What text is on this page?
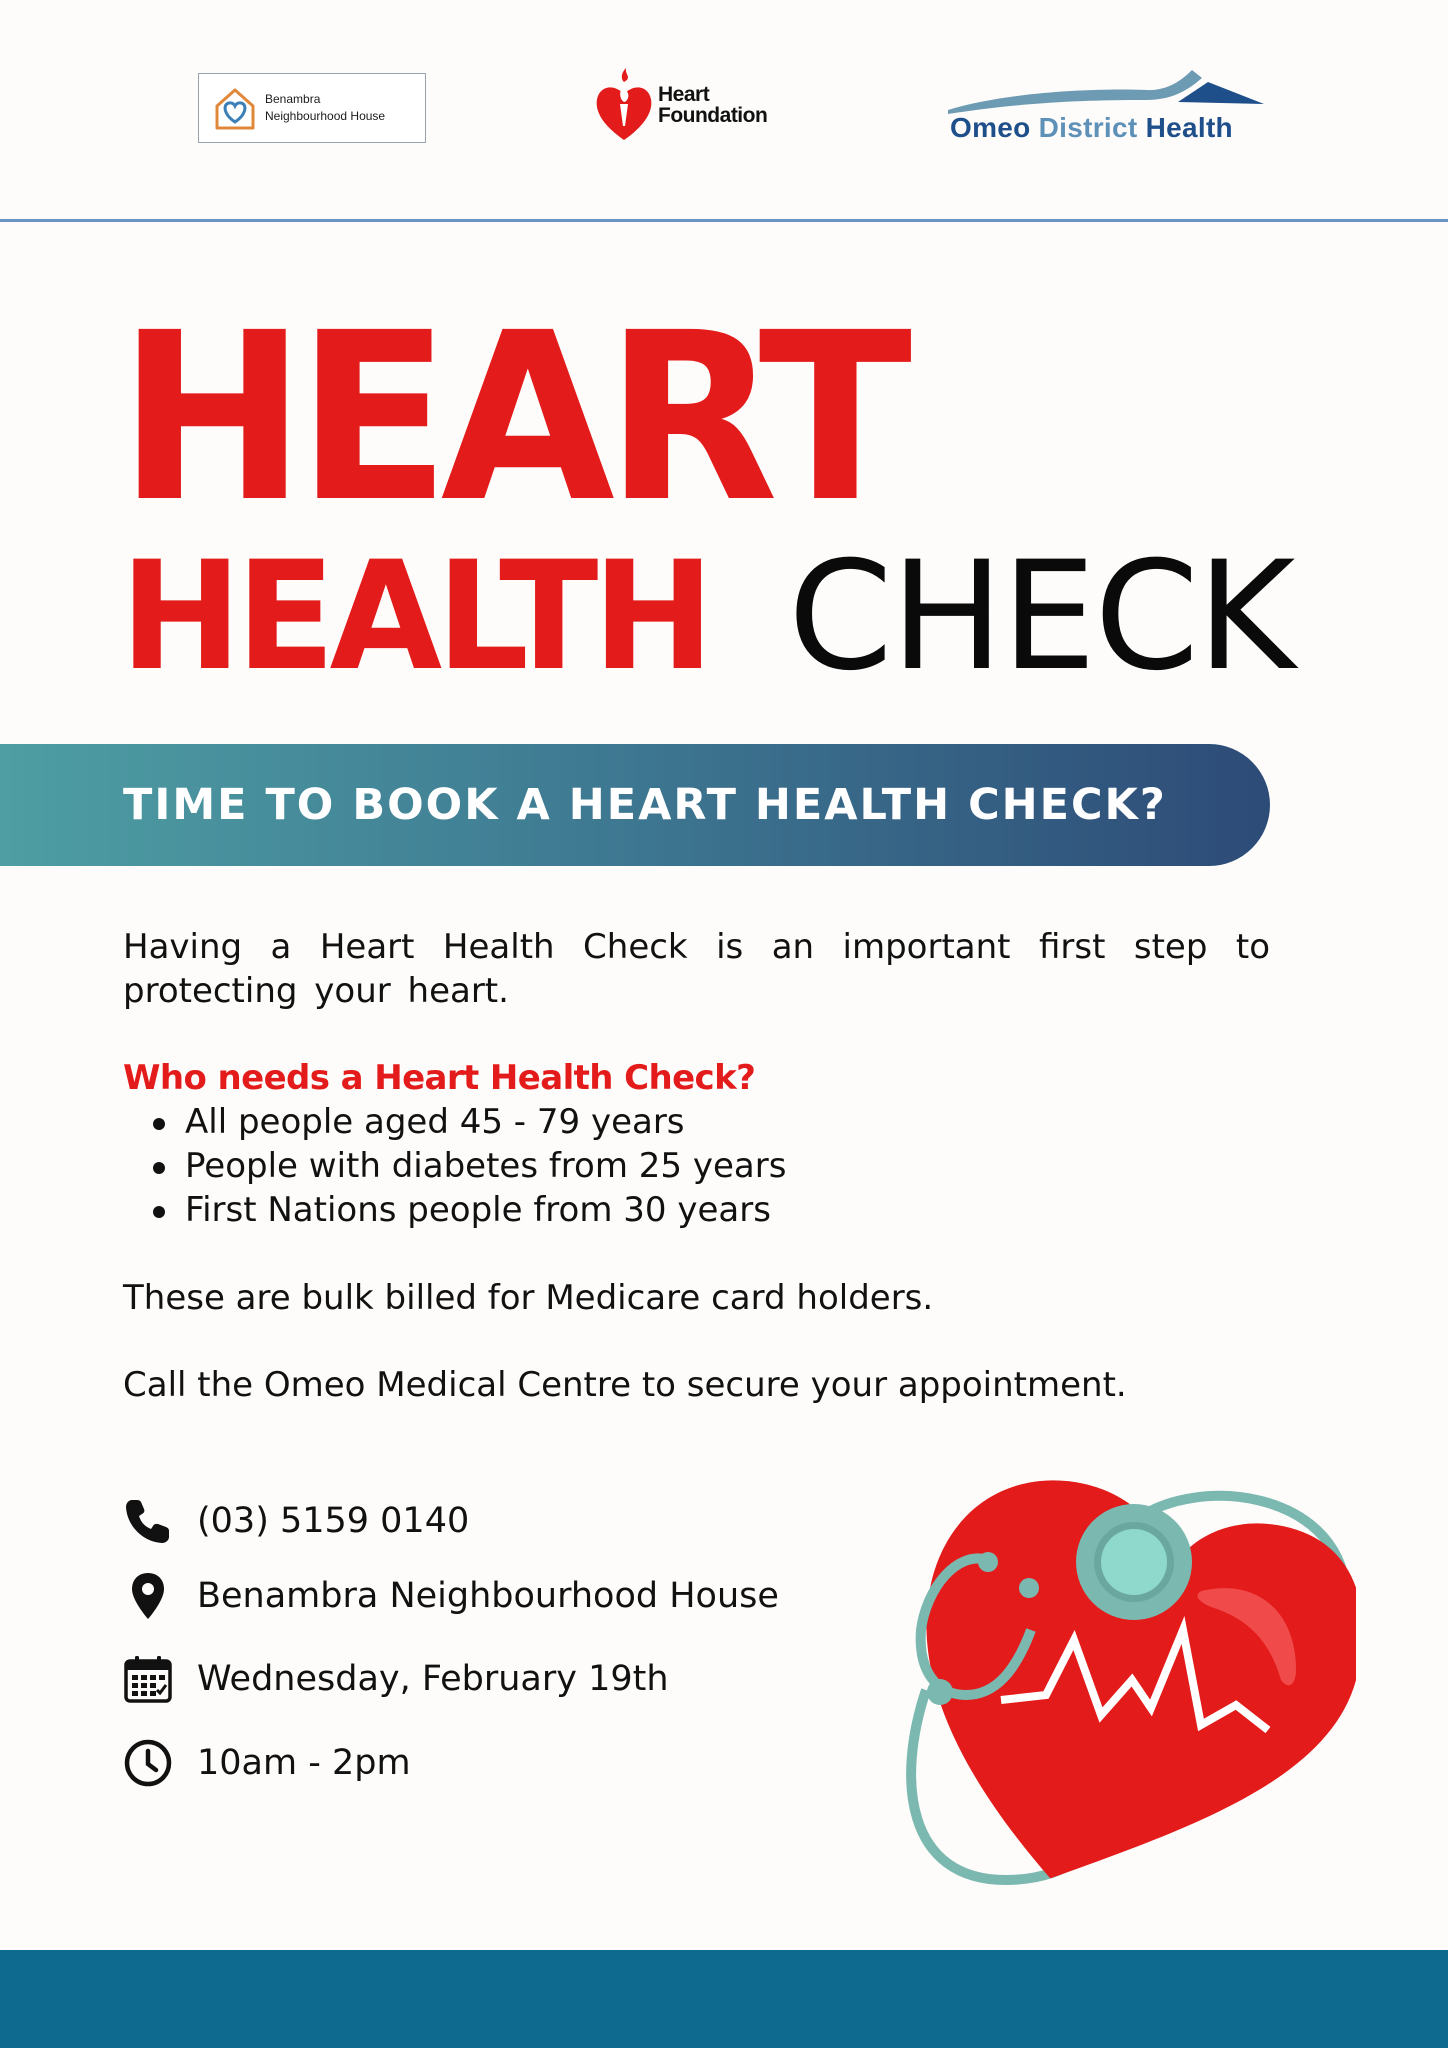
Benambra
Neighbourhood House
Heart
Foundation	Omeo District Health
HEART
HEALTH CHECK
TIME TO BOOK A HEART HEALTH CHECK?

Having a Heart Health Check is an important first step to protecting your heart.

Who needs a Heart Health Check?

All people aged 45 - 79 years
People with diabetes from 25 years
First Nations people from 30 years

These are bulk billed for Medicare card holders.

Call the Omeo Medical Centre to secure your appointment.

(03) 5159 0140
Benambra Neighbourhood House
Wednesday, February 19th
10am - 2pm
